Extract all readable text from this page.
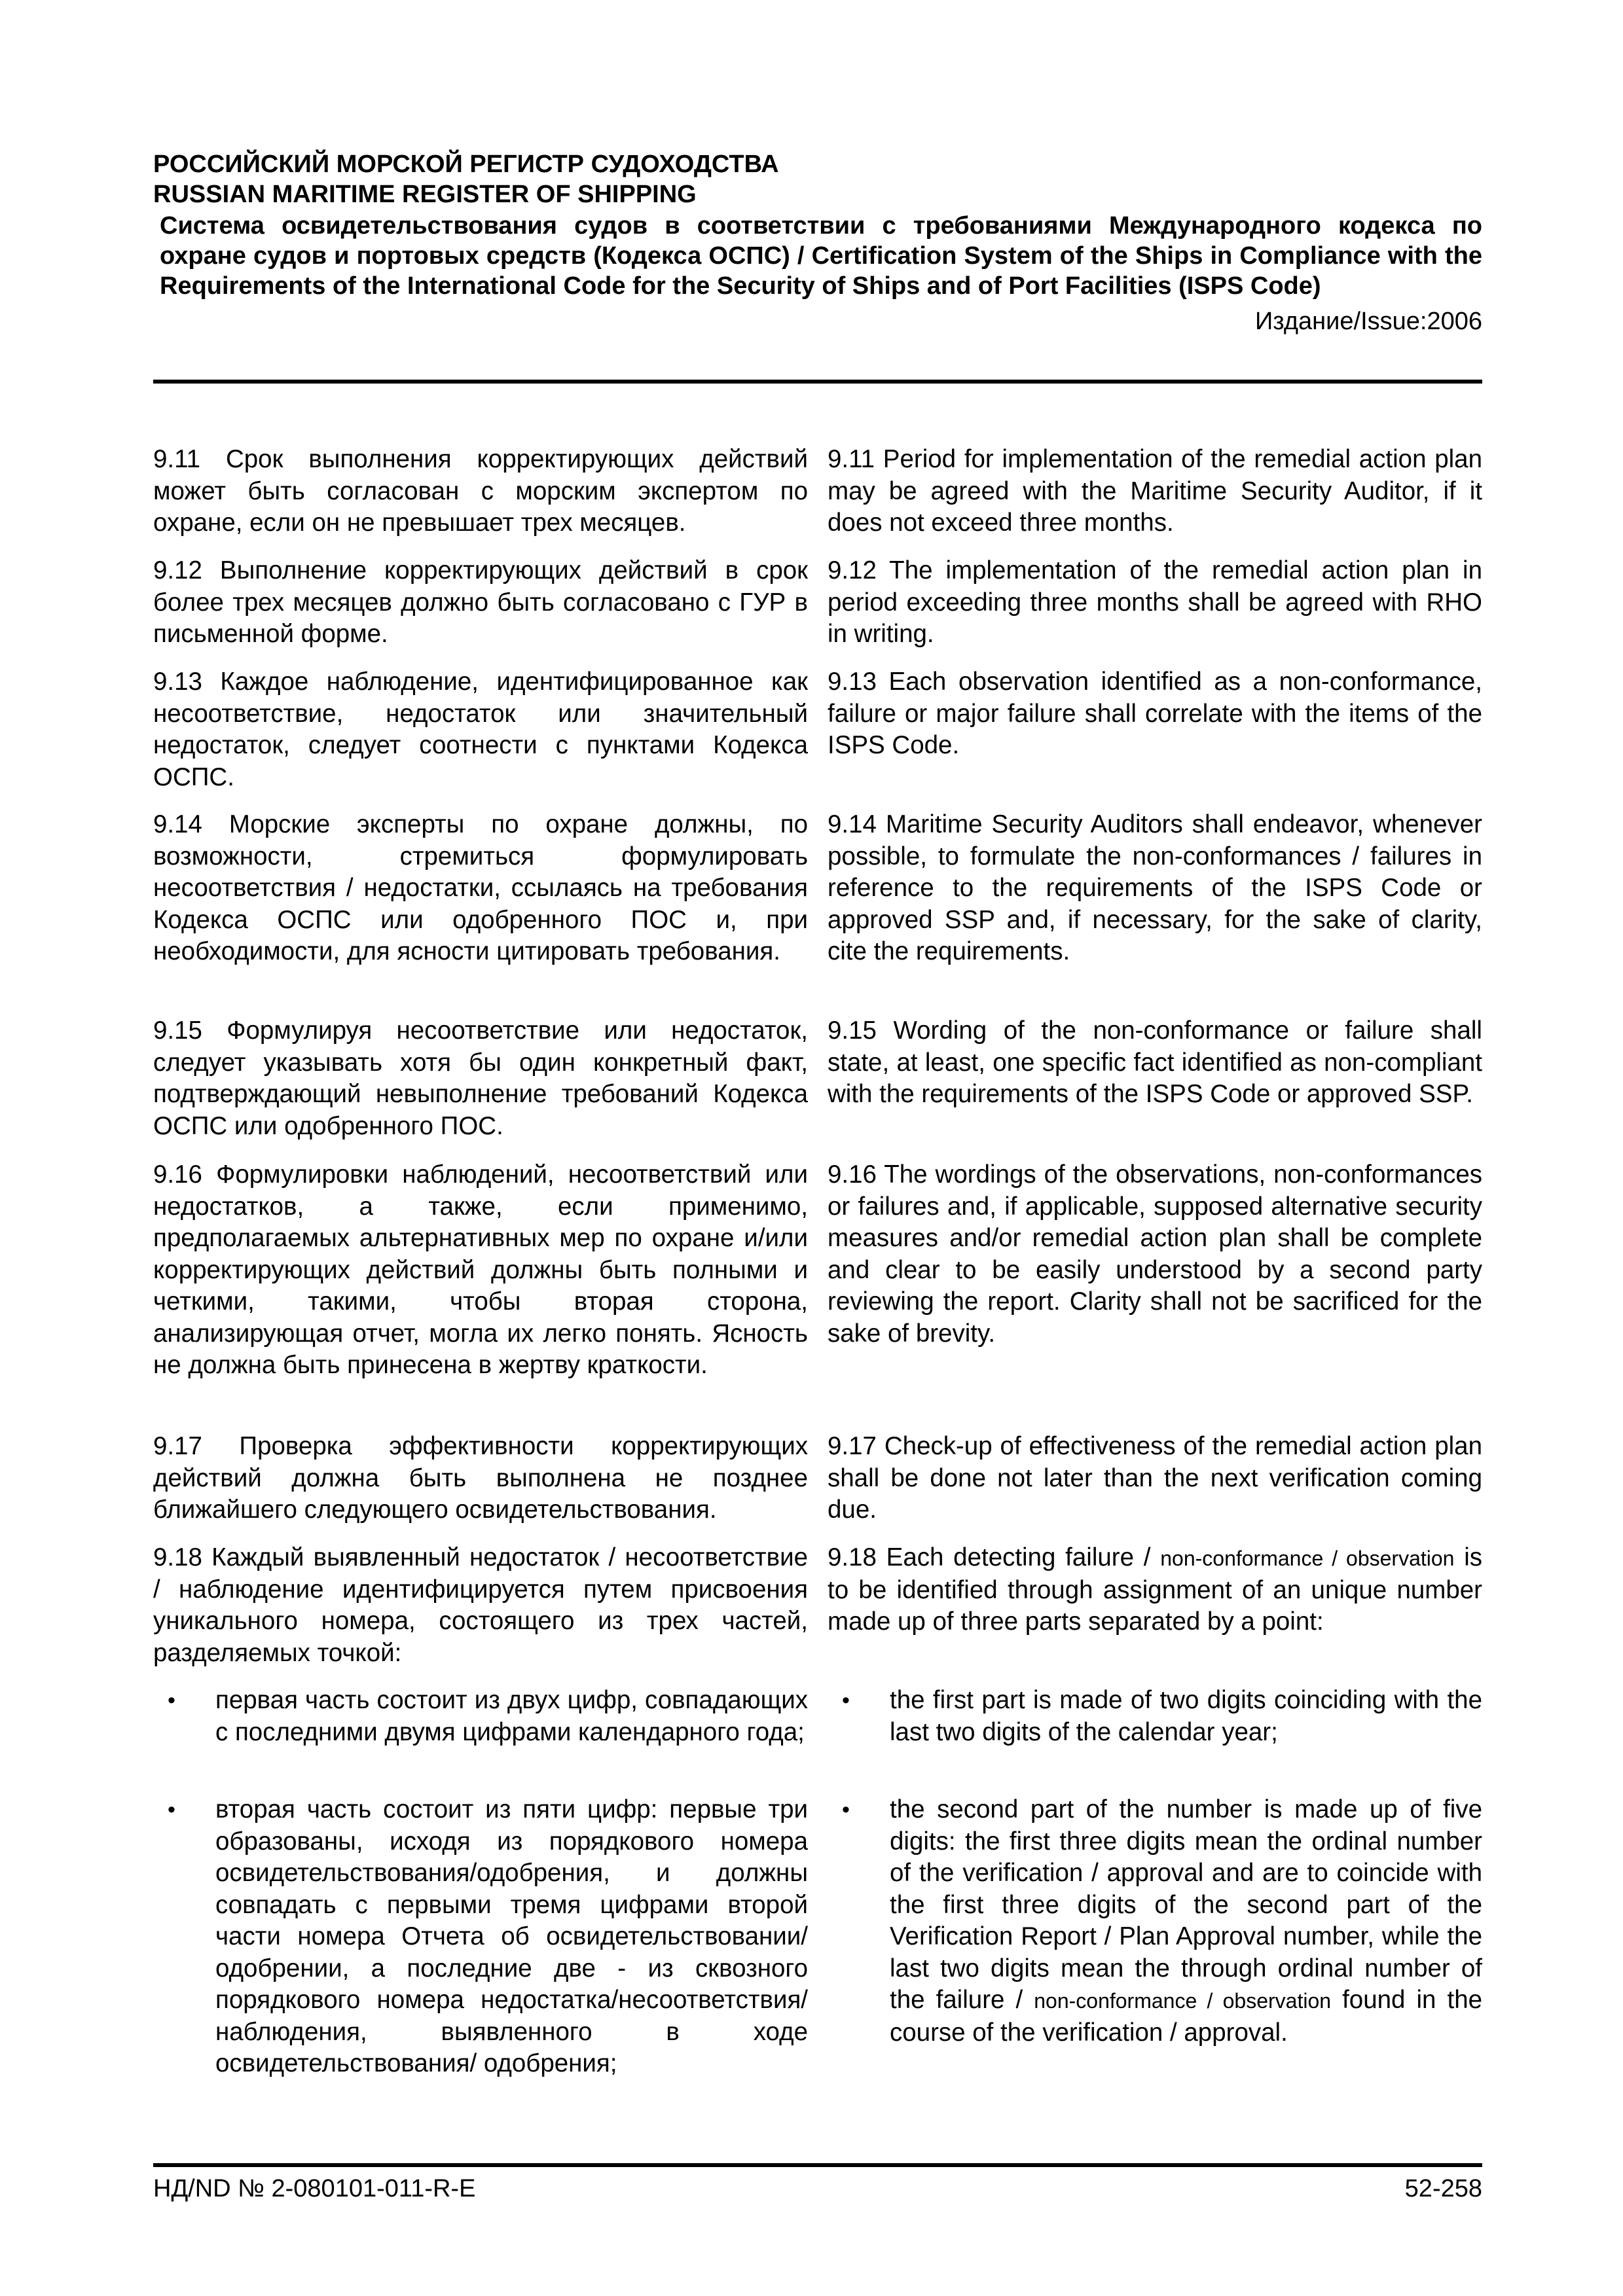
РОССИЙСКИЙ МОРСКОЙ РЕГИСТР СУДОХОДСТВА
RUSSIAN MARITIME REGISTER OF SHIPPING
Система освидетельствования судов в соответствии с требованиями Международного кодекса по охране судов и портовых средств (Кодекса ОСПС) / Certification System of the Ships in Compliance with the Requirements of the International Code for the Security of Ships and of Port Facilities (ISPS Code)
Издание/Issue:2006

9.11 Срок выполнения корректирующих действий может быть согласован с морским экспертом по охране, если он не превышает трех месяцев.

9.12 Выполнение корректирующих действий в срок более трех месяцев должно быть согласовано с ГУР в письменной форме.

9.13 Каждое наблюдение, идентифицированное как несоответствие, недостаток или значительный недостаток, следует соотнести с пунктами Кодекса ОСПС.

9.14 Морские эксперты по охране должны, по возможности, стремиться формулировать несоответствия / недостатки, ссылаясь на требования Кодекса ОСПС или одобренного ПОС и, при необходимости, для ясности цитировать требования.

9.15 Формулируя несоответствие или недостаток, следует указывать хотя бы один конкретный факт, подтверждающий невыполнение требований Кодекса ОСПС или одобренного ПОС.

9.16 Формулировки наблюдений, несоответствий или недостатков, а также, если применимо, предполагаемых альтернативных мер по охране и/или корректирующих действий должны быть полными и четкими, такими, чтобы вторая сторона, анализирующая отчет, могла их легко понять. Ясность не должна быть принесена в жертву краткости.

9.17 Проверка эффективности корректирующих действий должна быть выполнена не позднее ближайшего следующего освидетельствования.

9.18 Каждый выявленный недостаток / несоответствие / наблюдение идентифицируется путем присвоения уникального номера, состоящего из трех частей, разделяемых точкой:

• первая часть состоит из двух цифр, совпадающих с последними двумя цифрами календарного года;
• вторая часть состоит из пяти цифр: первые три образованы, исходя из порядкового номера освидетельствования/одобрения, и должны совпадать с первыми тремя цифрами второй части номера Отчета об освидетельствовании/одобрении, а последние две - из сквозного порядкового номера недостатка/несоответствия/наблюдения, выявленного в ходе освидетельствования/ одобрения;

9.11 Period for implementation of the remedial action plan may be agreed with the Maritime Security Auditor, if it does not exceed three months.

9.12 The implementation of the remedial action plan in period exceeding three months shall be agreed with RHO in writing.

9.13 Each observation identified as a non-conformance, failure or major failure shall correlate with the items of the ISPS Code.

9.14 Maritime Security Auditors shall endeavor, whenever possible, to formulate the non-conformances / failures in reference to the requirements of the ISPS Code or approved SSP and, if necessary, for the sake of clarity, cite the requirements.

9.15 Wording of the non-conformance or failure shall state, at least, one specific fact identified as non-compliant with the requirements of the ISPS Code or approved SSP.

9.16 The wordings of the observations, non-conformances or failures and, if applicable, supposed alternative security measures and/or remedial action plan shall be complete and clear to be easily understood by a second party reviewing the report. Clarity shall not be sacrificed for the sake of brevity.

9.17 Check-up of effectiveness of the remedial action plan shall be done not later than the next verification coming due.

9.18 Each detecting failure / non-conformance / observation is to be identified through assignment of an unique number made up of three parts separated by a point:

• the first part is made of two digits coinciding with the last two digits of the calendar year;
• the second part of the number is made up of five digits: the first three digits mean the ordinal number of the verification / approval and are to coincide with the first three digits of the second part of the Verification Report / Plan Approval number, while the last two digits mean the through ordinal number of the failure / non-conformance / observation found in the course of the verification / approval.
НД/ND № 2-080101-011-R-E	52-258
